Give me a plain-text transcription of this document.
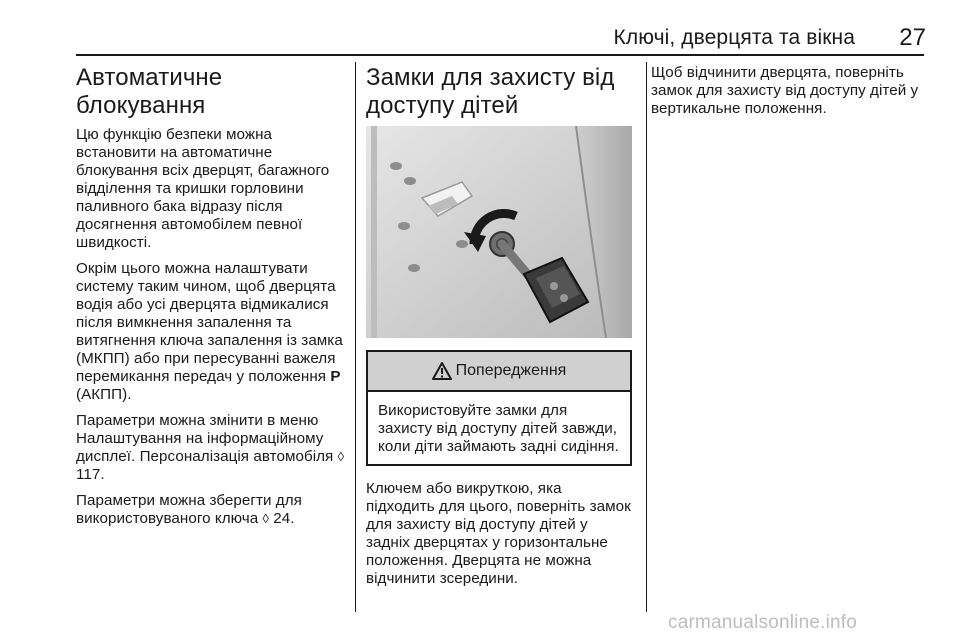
Ключі, дверцята та вікна	27
Автоматичне блокування

Цю функцію безпеки можна встановити на автоматичне блокування всіх дверцят, багажного відділення та кришки горловини паливного бака відразу після досягнення автомобілем певної швидкості.

Окрім цього можна налаштувати систему таким чином, щоб дверцята водія або усі дверцята відмикалися після вимкнення запалення та витягнення ключа запалення із замка (МКПП) або при пересуванні важеля перемикання передач у положення P (АКПП).

Параметри можна змінити в меню Налаштування на інформаційному дисплеї. Персоналізація автомобіля ◊ 117.

Параметри можна зберегти для використовуваного ключа ◊ 24.

Замки для захисту від доступу дітей
Попередження

Використовуйте замки для захисту від доступу дітей завжди, коли діти займають задні сидіння.

Ключем або викруткою, яка підходить для цього, поверніть замок для захисту від доступу дітей у задніх дверцятах у горизонтальне положення. Дверцята не можна відчинити зсередини.

Щоб відчинити дверцята, поверніть замок для захисту від доступу дітей у вертикальне положення.

carmanualsonline.info
